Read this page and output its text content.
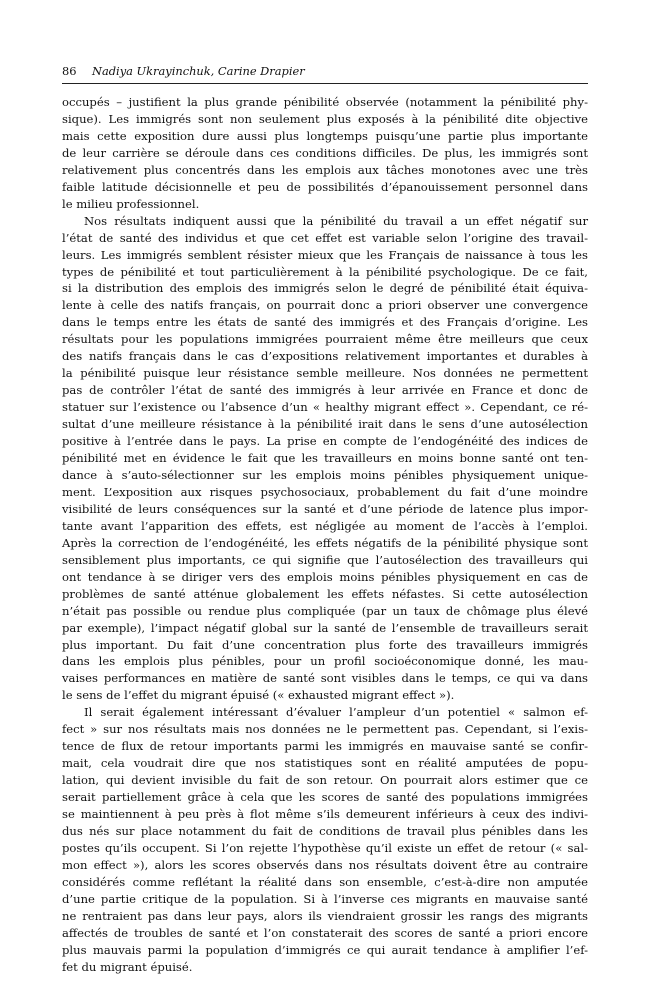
86	Nadiya Ukrayinchuk, Carine Drapier
occupés – justifient la plus grande pénibilité observée (notamment la pénibilité phy-
sique). Les immigrés sont non seulement plus exposés à la pénibilité dite objective
mais cette exposition dure aussi plus longtemps puisqu’une partie plus importante
de leur carrière se déroule dans ces conditions difficiles. De plus, les immigrés sont
relativement plus concentrés dans les emplois aux tâches monotones avec une très
faible latitude décisionnelle et peu de possibilités d’épanouissement personnel dans
le milieu professionnel.
Nos résultats indiquent aussi que la pénibilité du travail a un effet négatif sur
l’état de santé des individus et que cet effet est variable selon l’origine des travail-
leurs. Les immigrés semblent résister mieux que les Français de naissance à tous les
types de pénibilité et tout particulièrement à la pénibilité psychologique. De ce fait,
si la distribution des emplois des immigrés selon le degré de pénibilité était équiva-
lente à celle des natifs français, on pourrait donc a priori observer une convergence
dans le temps entre les états de santé des immigrés et des Français d’origine. Les
résultats pour les populations immigrées pourraient même être meilleurs que ceux
des natifs français dans le cas d’expositions relativement importantes et durables à
la pénibilité puisque leur résistance semble meilleure. Nos données ne permettent
pas de contrôler l’état de santé des immigrés à leur arrivée en France et donc de
statuer sur l’existence ou l’absence d’un « healthy migrant effect ». Cependant, ce ré-
sultat d’une meilleure résistance à la pénibilité irait dans le sens d’une autosélection
positive à l’entrée dans le pays. La prise en compte de l’endogénéité des indices de
pénibilité met en évidence le fait que les travailleurs en moins bonne santé ont ten-
dance à s’auto-sélectionner sur les emplois moins pénibles physiquement unique-
ment. L’exposition aux risques psychosociaux, probablement du fait d’une moindre
visibilité de leurs conséquences sur la santé et d’une période de latence plus impor-
tante avant l’apparition des effets, est négligée au moment de l’accès à l’emploi.
Après la correction de l’endogénéité, les effets négatifs de la pénibilité physique sont
sensiblement plus importants, ce qui signifie que l’autosélection des travailleurs qui
ont tendance à se diriger vers des emplois moins pénibles physiquement en cas de
problèmes de santé atténue globalement les effets néfastes. Si cette autosélection
n’était pas possible ou rendue plus compliquée (par un taux de chômage plus élevé
par exemple), l’impact négatif global sur la santé de l’ensemble de travailleurs serait
plus important. Du fait d’une concentration plus forte des travailleurs immigrés
dans les emplois plus pénibles, pour un profil socioéconomique donné, les mau-
vaises performances en matière de santé sont visibles dans le temps, ce qui va dans
le sens de l’effet du migrant épuisé (« exhausted migrant effect »).
Il serait également intéressant d’évaluer l’ampleur d’un potentiel « salmon ef-
fect » sur nos résultats mais nos données ne le permettent pas. Cependant, si l’exis-
tence de flux de retour importants parmi les immigrés en mauvaise santé se confir-
mait, cela voudrait dire que nos statistiques sont en réalité amputées de popu-
lation, qui devient invisible du fait de son retour. On pourrait alors estimer que ce
serait partiellement grâce à cela que les scores de santé des populations immigrées
se maintiennent à peu près à flot même s’ils demeurent inférieurs à ceux des indivi-
dus nés sur place notamment du fait de conditions de travail plus pénibles dans les
postes qu’ils occupent. Si l’on rejette l’hypothèse qu’il existe un effet de retour (« sal-
mon effect »), alors les scores observés dans nos résultats doivent être au contraire
considérés comme reflétant la réalité dans son ensemble, c’est-à-dire non amputée
d’une partie critique de la population. Si à l’inverse ces migrants en mauvaise santé
ne rentraient pas dans leur pays, alors ils viendraient grossir les rangs des migrants
affectés de troubles de santé et l’on constaterait des scores de santé a priori encore
plus mauvais parmi la population d’immigrés ce qui aurait tendance à amplifier l’ef-
fet du migrant épuisé.
